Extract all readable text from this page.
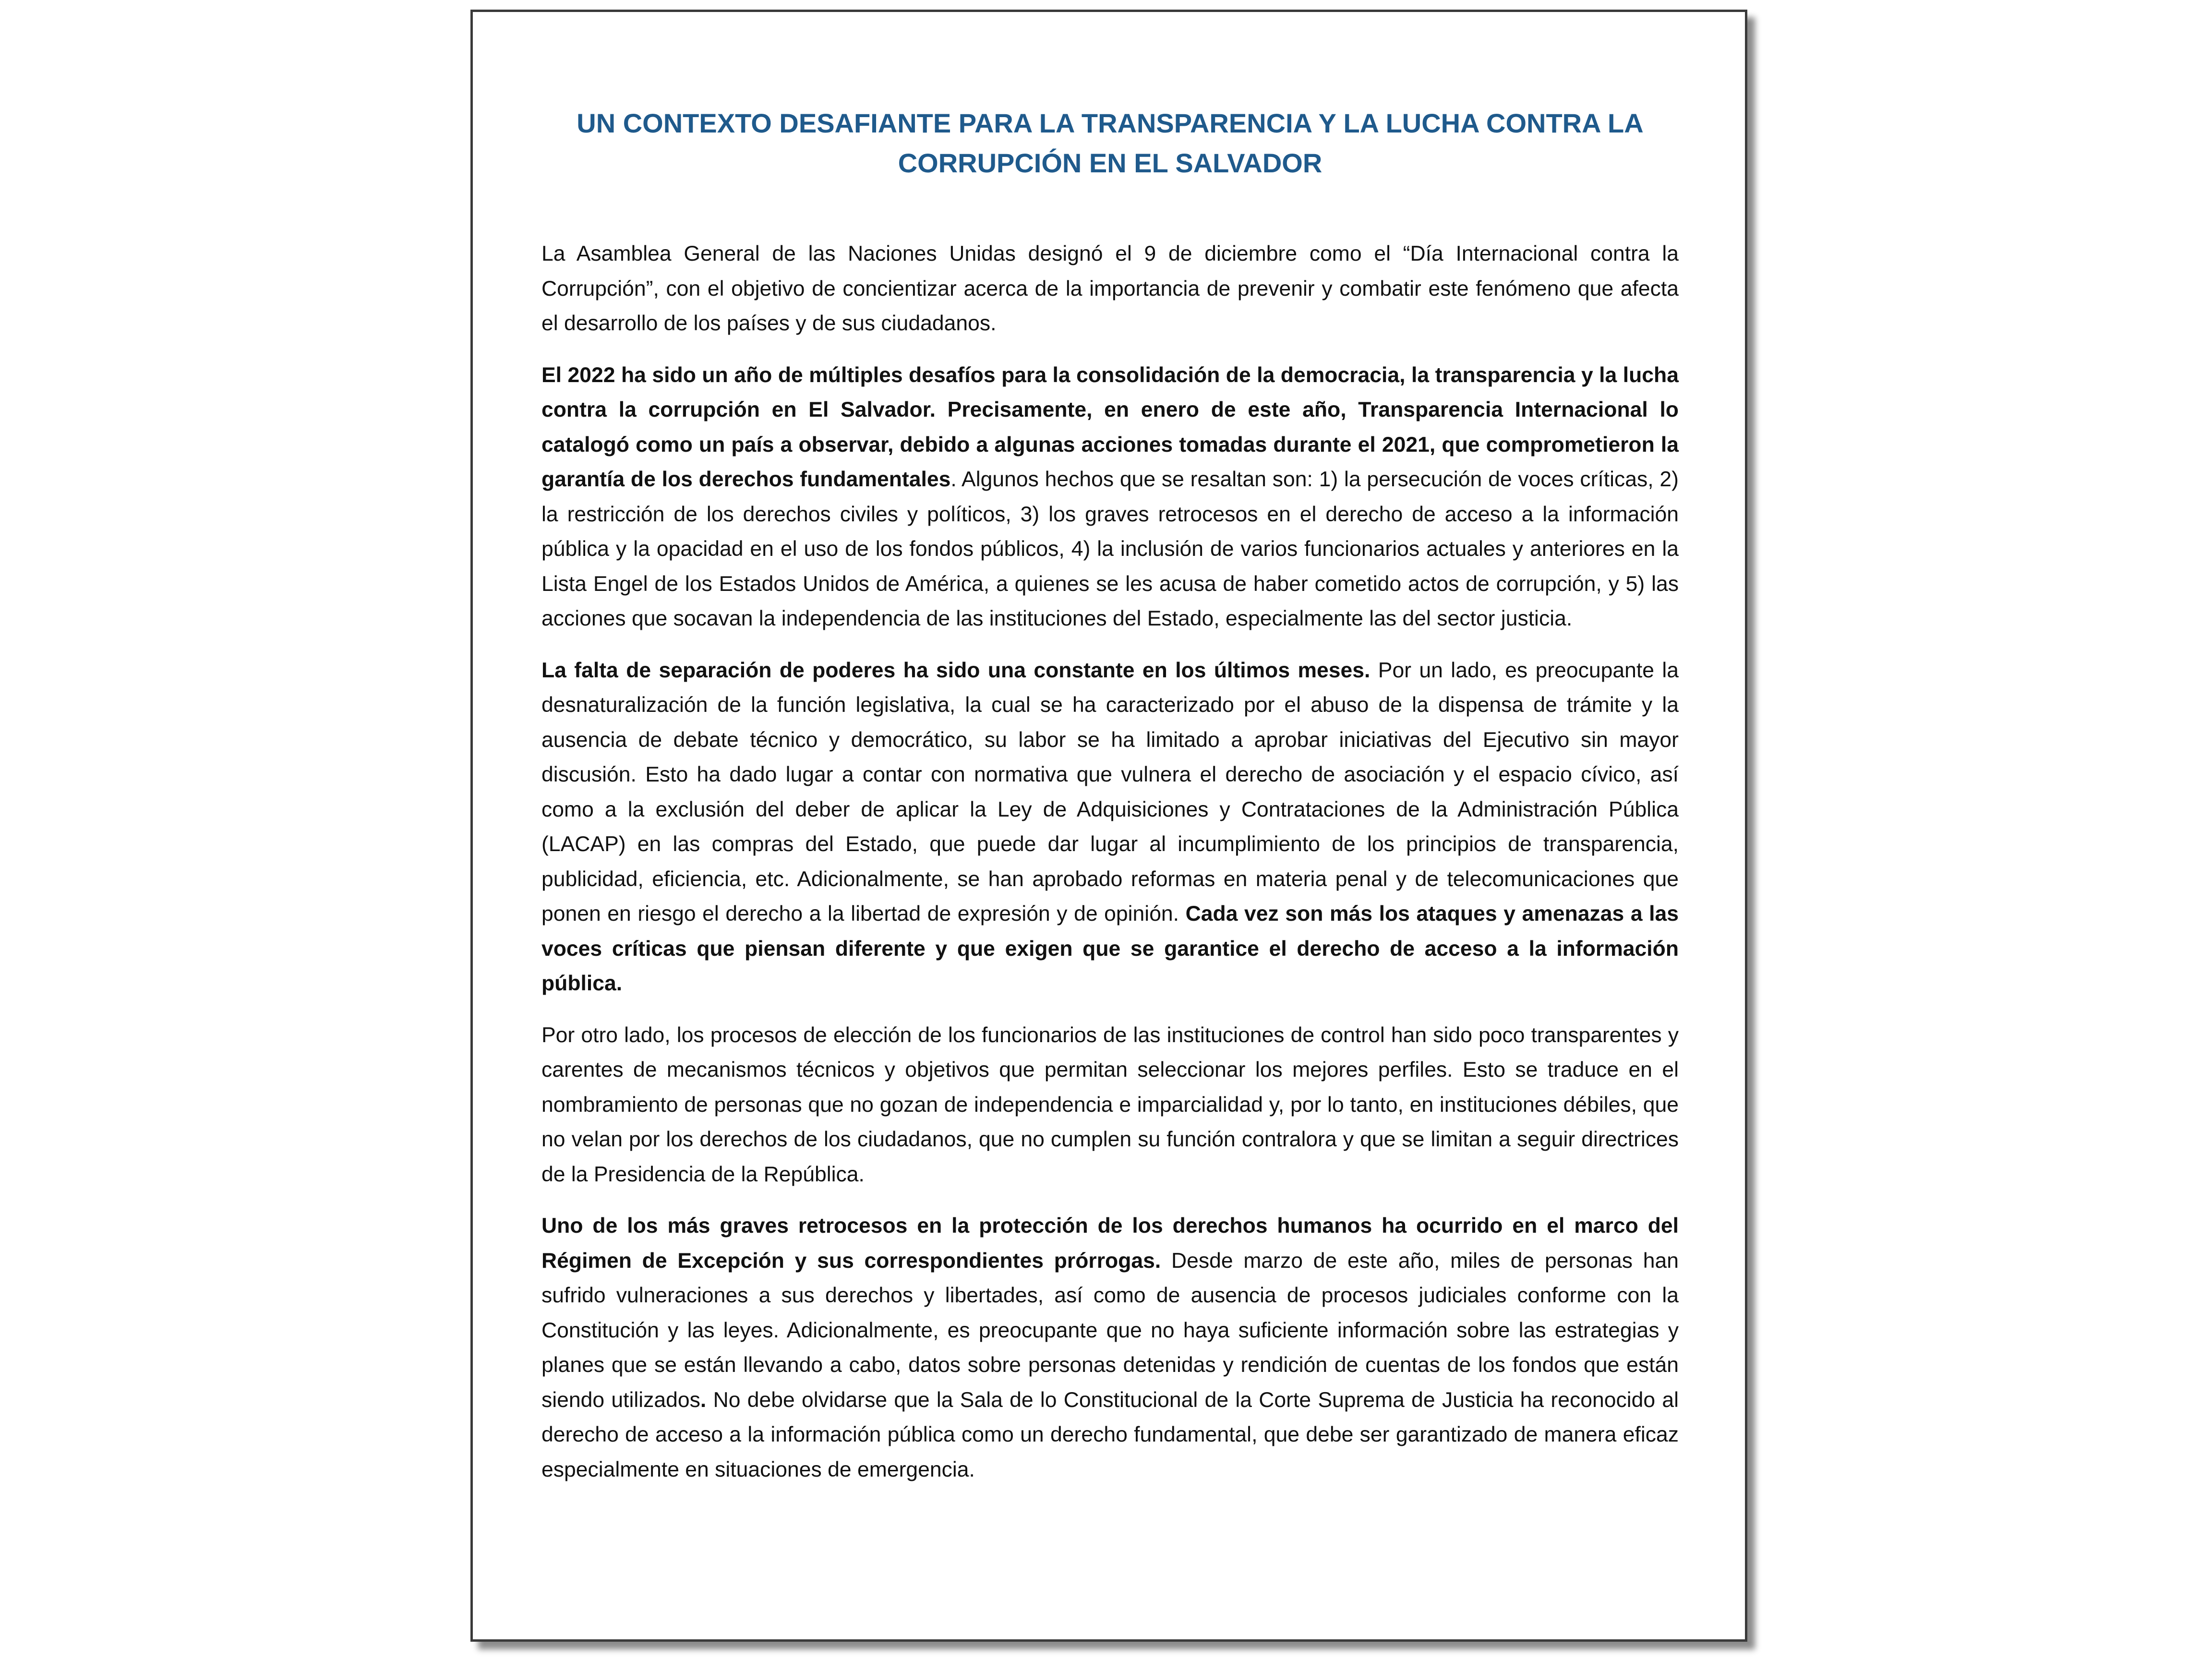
UN CONTEXTO DESAFIANTE PARA LA TRANSPARENCIA Y LA LUCHA CONTRA LA CORRUPCIÓN EN EL SALVADOR

La Asamblea General de las Naciones Unidas designó el 9 de diciembre como el “Día Internacional contra la Corrupción”, con el objetivo de concientizar acerca de la importancia de prevenir y combatir este fenómeno que afecta el desarrollo de los países y de sus ciudadanos.

El 2022 ha sido un año de múltiples desafíos para la consolidación de la democracia, la transparencia y la lucha contra la corrupción en El Salvador. Precisamente, en enero de este año, Transparencia Internacional lo catalogó como un país a observar, debido a algunas acciones tomadas durante el 2021, que comprometieron la garantía de los derechos fundamentales. Algunos hechos que se resaltan son: 1) la persecución de voces críticas, 2) la restricción de los derechos civiles y políticos, 3) los graves retrocesos en el derecho de acceso a la información pública y la opacidad en el uso de los fondos públicos, 4) la inclusión de varios funcionarios actuales y anteriores en la Lista Engel de los Estados Unidos de América, a quienes se les acusa de haber cometido actos de corrupción, y 5) las acciones que socavan la independencia de las instituciones del Estado, especialmente las del sector justicia.

La falta de separación de poderes ha sido una constante en los últimos meses. Por un lado, es preocupante la desnaturalización de la función legislativa, la cual se ha caracterizado por el abuso de la dispensa de trámite y la ausencia de debate técnico y democrático, su labor se ha limitado a aprobar iniciativas del Ejecutivo sin mayor discusión. Esto ha dado lugar a contar con normativa que vulnera el derecho de asociación y el espacio cívico, así como a la exclusión del deber de aplicar la Ley de Adquisiciones y Contrataciones de la Administración Pública (LACAP) en las compras del Estado, que puede dar lugar al incumplimiento de los principios de transparencia, publicidad, eficiencia, etc. Adicionalmente, se han aprobado reformas en materia penal y de telecomunicaciones que ponen en riesgo el derecho a la libertad de expresión y de opinión. Cada vez son más los ataques y amenazas a las voces críticas que piensan diferente y que exigen que se garantice el derecho de acceso a la información pública.

Por otro lado, los procesos de elección de los funcionarios de las instituciones de control han sido poco transparentes y carentes de mecanismos técnicos y objetivos que permitan seleccionar los mejores perfiles. Esto se traduce en el nombramiento de personas que no gozan de independencia e imparcialidad y, por lo tanto, en instituciones débiles, que no velan por los derechos de los ciudadanos, que no cumplen su función contralora y que se limitan a seguir directrices de la Presidencia de la República.

Uno de los más graves retrocesos en la protección de los derechos humanos ha ocurrido en el marco del Régimen de Excepción y sus correspondientes prórrogas. Desde marzo de este año, miles de personas han sufrido vulneraciones a sus derechos y libertades, así como de ausencia de procesos judiciales conforme con la Constitución y las leyes. Adicionalmente, es preocupante que no haya suficiente información sobre las estrategias y planes que se están llevando a cabo, datos sobre personas detenidas y rendición de cuentas de los fondos que están siendo utilizados. No debe olvidarse que la Sala de lo Constitucional de la Corte Suprema de Justicia ha reconocido al derecho de acceso a la información pública como un derecho fundamental, que debe ser garantizado de manera eficaz especialmente en situaciones de emergencia.
